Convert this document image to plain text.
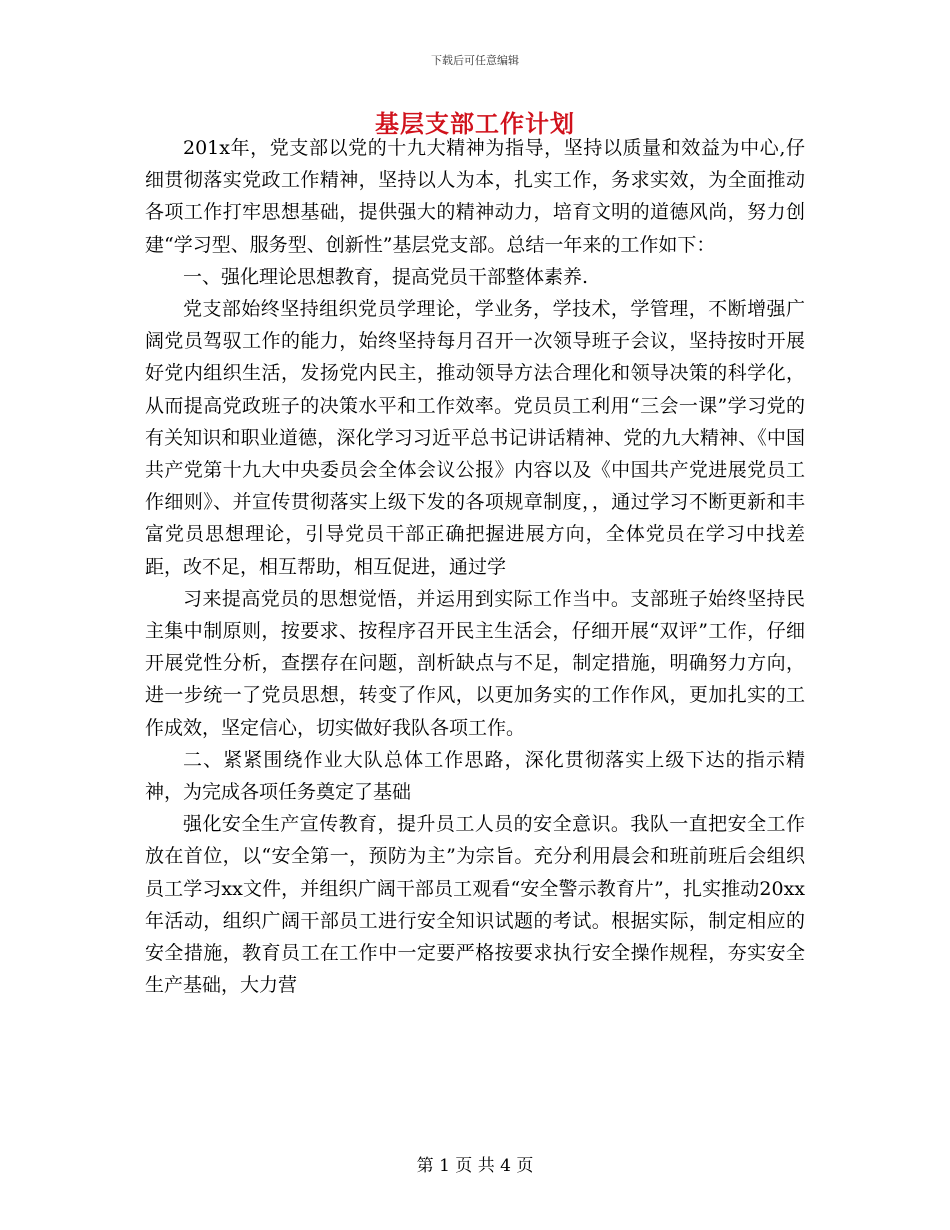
下载后可任意编辑
基层支部工作计划

201x年，党支部以党的十九大精神为指导，坚持以质量和效益为中心,仔细贯彻落实党政工作精神，坚持以人为本，扎实工作，务求实效，为全面推动各项工作打牢思想基础，提供强大的精神动力，培育文明的道德风尚，努力创建“学习型、服务型、创新性”基层党支部。总结一年来的工作如下：

一、强化理论思想教育，提高党员干部整体素养.

党支部始终坚持组织党员学理论，学业务，学技术，学管理，不断增强广阔党员驾驭工作的能力，始终坚持每月召开一次领导班子会议，坚持按时开展好党内组织生活，发扬党内民主，推动领导方法合理化和领导决策的科学化，从而提高党政班子的决策水平和工作效率。党员员工利用“三会一课”学习党的有关知识和职业道德，深化学习习近平总书记讲话精神、党的九大精神、《中国共产党第十九大中央委员会全体会议公报》内容以及《中国共产党进展党员工作细则》、并宣传贯彻落实上级下发的各项规章制度，，通过学习不断更新和丰富党员思想理论，引导党员干部正确把握进展方向，全体党员在学习中找差距，改不足，相互帮助，相互促进，通过学

习来提高党员的思想觉悟，并运用到实际工作当中。支部班子始终坚持民主集中制原则，按要求、按程序召开民主生活会，仔细开展“双评”工作，仔细开展党性分析，查摆存在问题，剖析缺点与不足，制定措施，明确努力方向，进一步统一了党员思想，转变了作风，以更加务实的工作作风，更加扎实的工作成效，坚定信心，切实做好我队各项工作。

二、紧紧围绕作业大队总体工作思路，深化贯彻落实上级下达的指示精神，为完成各项任务奠定了基础

强化安全生产宣传教育，提升员工人员的安全意识。我队一直把安全工作放在首位，以“安全第一，预防为主”为宗旨。充分利用晨会和班前班后会组织员工学习xx文件，并组织广阔干部员工观看“安全警示教育片”，扎实推动20xx年活动，组织广阔干部员工进行安全知识试题的考试。根据实际，制定相应的安全措施，教育员工在工作中一定要严格按要求执行安全操作规程，夯实安全生产基础，大力营

第 1 页 共 4 页
